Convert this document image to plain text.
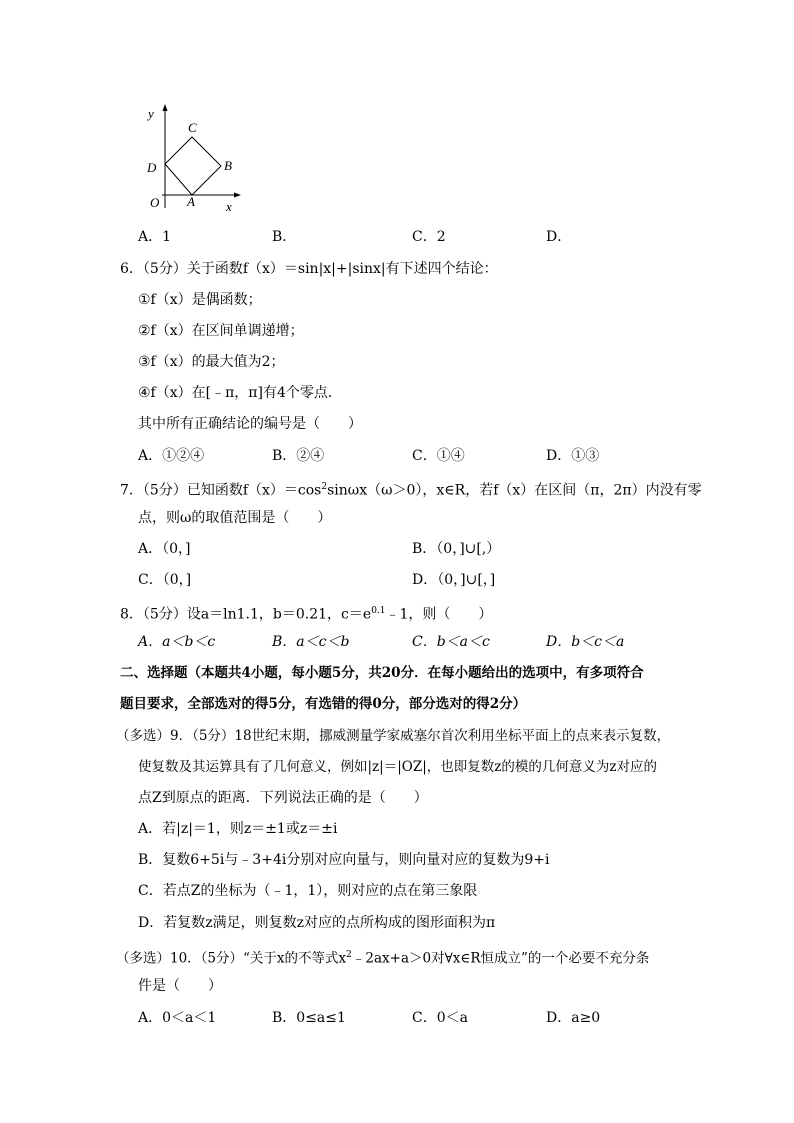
y
C
D	B
O A x
A．1	B．	C．2	D．
6．（5分）关于函数f（x）＝sin|x|+|sinx|有下述四个结论：
①f（x）是偶函数；
②f（x）在区间单调递增；
③f（x）的最大值为2；
④f（x）在[﹣π，π]有4个零点．
其中所有正确结论的编号是（　　）
A．①②④	B．②④	C．①④	D．①③
7．（5分）已知函数$f(x)=\cos^2\sin\omega x(\omega>0)$，x∈R，若f（x）在区间（π，2π）内没有零
点，则ω的取值范围是（　　）
A．（0，]	B．（0，]∪[,）
C．（0，]	D．（0，]∪[，]
8．（5分）设a＝ln1.1，b＝0.21，$c=e^{0.1}﹣1$，则（　　）
A．a＜b＜c	B．a＜c＜b	C．b＜a＜c	D．b＜c＜a
二、选择题（本题共4小题，每小题5分，共20分．在每小题给出的选项中，有多项符合
题目要求，全部选对的得5分，有选错的得0分，部分选对的得2分）
（多选）9．（5分）18世纪末期，挪威测量学家威塞尔首次利用坐标平面上的点来表示复数，
使复数及其运算具有了几何意义，例如|z|＝|OZ|，也即复数z的模的几何意义为z对应的
点Z到原点的距离．下列说法正确的是（　　）
A．若|z|＝1，则z＝±1或z＝±i
B．复数6+5i与﹣3+4i分别对应向量与，则向量对应的复数为9+i
C．若点Z的坐标为（﹣1，1），则对应的点在第三象限
D．若复数z满足，则复数z对应的点所构成的图形面积为π
（多选）10．（5分）“关于x的不等式$x^2﹣2ax+a>0$对∀x∈R恒成立”的一个必要不充分条
件是（　　）
A．0＜a＜1	B．0≤a≤1	C．0＜a	D．a≥0
